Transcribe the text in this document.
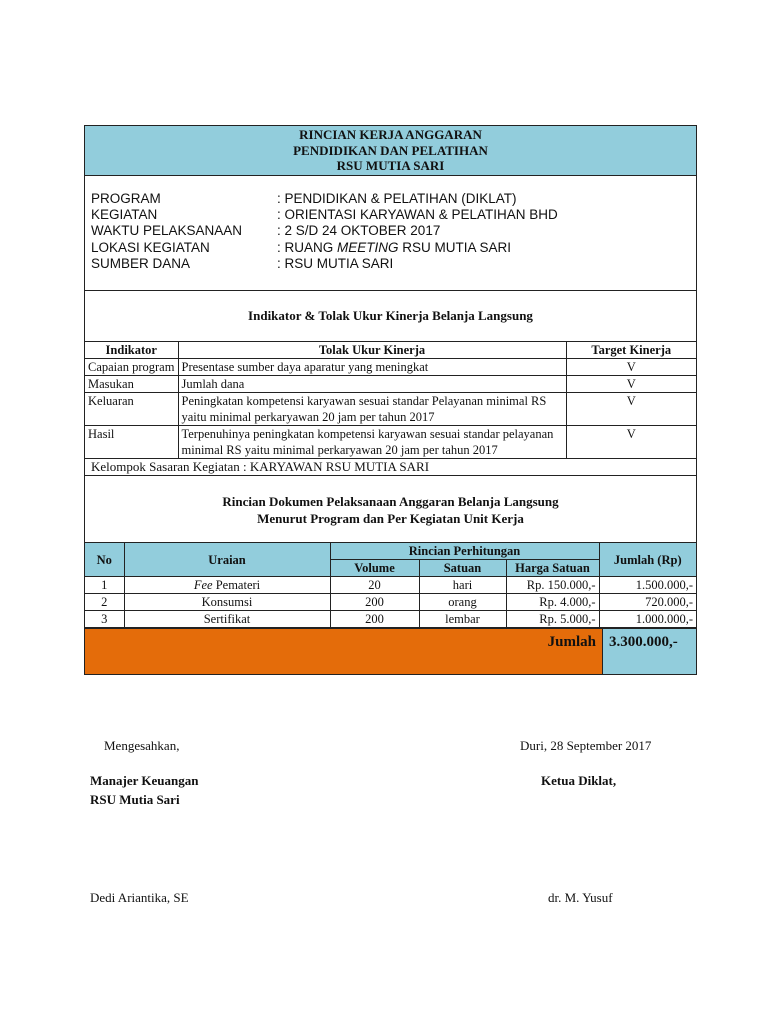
RINCIAN KERJA ANGGARAN
PENDIDIKAN DAN PELATIHAN
RSU MUTIA SARI
PROGRAM	: PENDIDIKAN & PELATIHAN (DIKLAT)
KEGIATAN	: ORIENTASI KARYAWAN & PELATIHAN BHD
WAKTU PELAKSANAAN	: 2 S/D 24 OKTOBER 2017
LOKASI KEGIATAN	: RUANG MEETING RSU MUTIA SARI
SUMBER DANA	: RSU MUTIA SARI
Indikator & Tolak Ukur Kinerja Belanja Langsung
Indikator	Tolak Ukur Kinerja	Target Kinerja
Capaian program	Presentase sumber daya aparatur yang meningkat	V
Masukan	Jumlah dana	V
Keluaran	Peningkatan kompetensi karyawan sesuai standar Pelayanan minimal RS yaitu minimal perkaryawan 20 jam per tahun 2017	V
Hasil	Terpenuhinya peningkatan kompetensi karyawan sesuai standar pelayanan minimal RS yaitu minimal perkaryawan 20 jam per tahun 2017	V
Kelompok Sasaran Kegiatan : KARYAWAN RSU MUTIA SARI
Rincian Dokumen Pelaksanaan Anggaran Belanja Langsung
Menurut Program dan Per Kegiatan Unit Kerja
No	Uraian	Rincian Perhitungan			Jumlah (Rp)
		Volume	Satuan	Harga Satuan	
1	Fee Pemateri	20	hari	Rp. 150.000,-	1.500.000,-
2	Konsumsi	200	orang	Rp. 4.000,-	720.000,-
3	Sertifikat	200	lembar	Rp. 5.000,-	1.000.000,-
Jumlah 3.300.000,-
Mengesahkan,	Duri, 28 September 2017
Manajer Keuangan
RSU Mutia Sari
Ketua Diklat,
Dedi Ariantika, SE	dr. M. Yusuf
